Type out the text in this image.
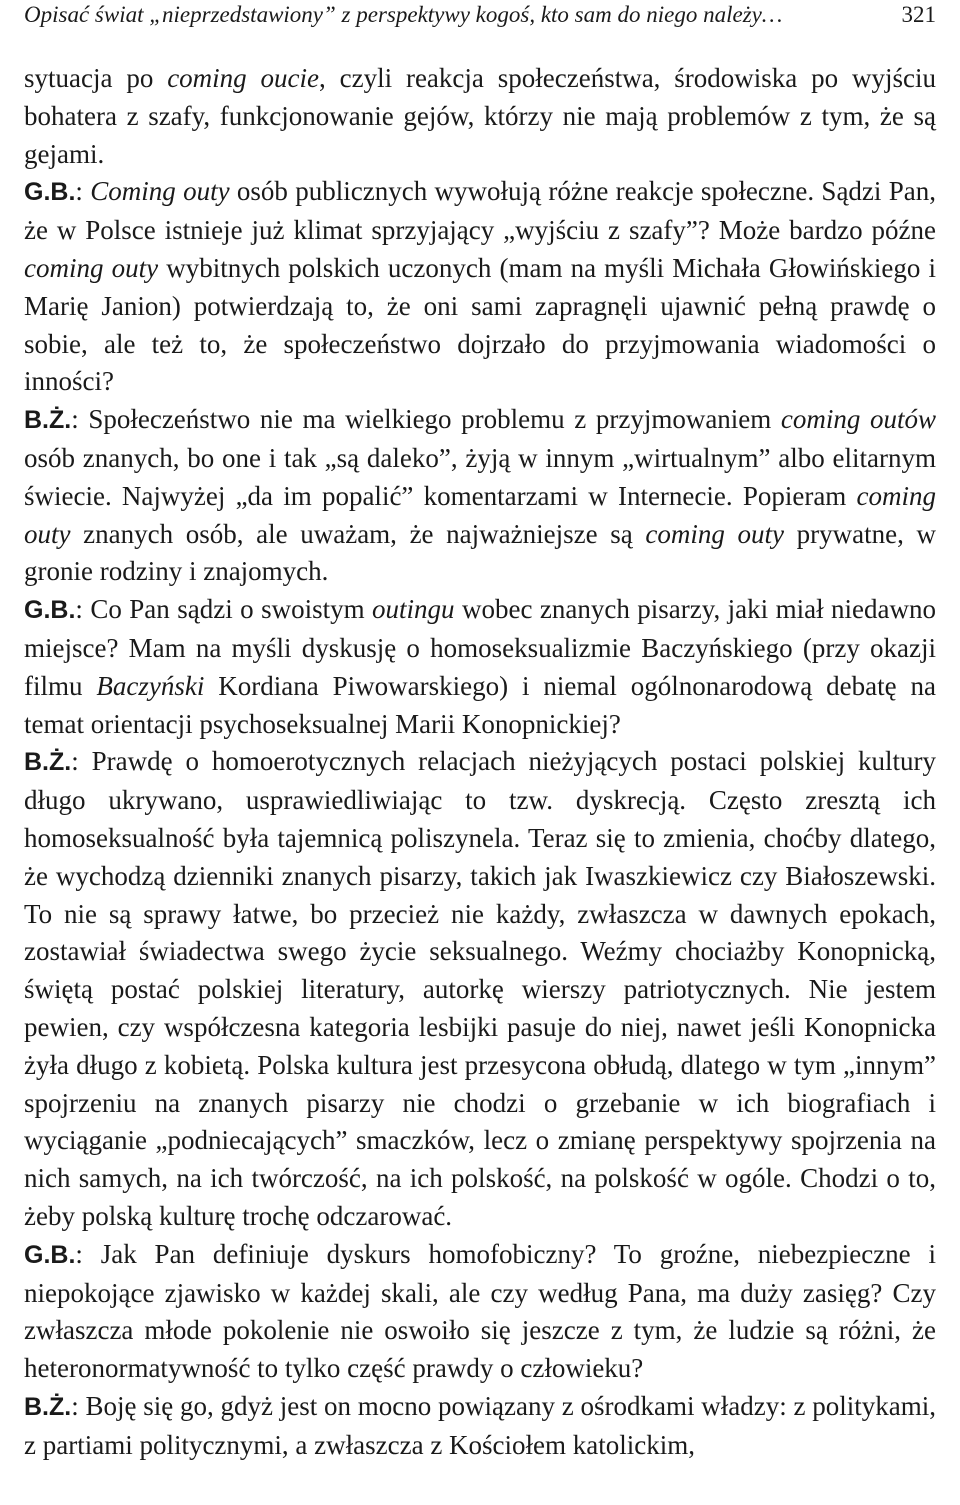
Opisać świat „nieprzedstawiony” z perspektywy kogoś, kto sam do niego należy…	321

sytuacja po coming oucie, czyli reakcja społeczeństwa, środowiska po wyjściu bohatera z szafy, funkcjonowanie gejów, którzy nie mają problemów z tym, że są gejami.

G.B.: Coming outy osób publicznych wywołują różne reakcje społeczne. Sądzi Pan, że w Polsce istnieje już klimat sprzyjający „wyjściu z szafy”? Może bardzo późne coming outy wybitnych polskich uczonych (mam na myśli Michała Głowińskiego i Marię Janion) potwierdzają to, że oni sami zapragnęli ujawnić pełną prawdę o sobie, ale też to, że społeczeństwo dojrzało do przyjmowania wiadomości o inności?

B.Ż.: Społeczeństwo nie ma wielkiego problemu z przyjmowaniem coming outów osób znanych, bo one i tak „są daleko”, żyją w innym „wirtualnym” albo elitarnym świecie. Najwyżej „da im popalić” komentarzami w Internecie. Popieram coming outy znanych osób, ale uważam, że najważniejsze są coming outy prywatne, w gronie rodziny i znajomych.

G.B.: Co Pan sądzi o swoistym outingu wobec znanych pisarzy, jaki miał niedawno miejsce? Mam na myśli dyskusję o homoseksualizmie Baczyńskiego (przy okazji filmu Baczyński Kordiana Piwowarskiego) i niemal ogólnonarodową debatę na temat orientacji psychoseksualnej Marii Konopnickiej?

B.Ż.: Prawdę o homoerotycznych relacjach nieżyjących postaci polskiej kultury długo ukrywano, usprawiedliwiając to tzw. dyskrecją. Często zresztą ich homoseksualność była tajemnicą poliszynela. Teraz się to zmienia, choćby dlatego, że wychodzą dzienniki znanych pisarzy, takich jak Iwaszkiewicz czy Białoszewski. To nie są sprawy łatwe, bo przecież nie każdy, zwłaszcza w dawnych epokach, zostawiał świadectwa swego życie seksualnego. Weźmy chociażby Konopnicką, świętą postać polskiej literatury, autorkę wierszy patriotycznych. Nie jestem pewien, czy współczesna kategoria lesbijki pasuje do niej, nawet jeśli Konopnicka żyła długo z kobietą. Polska kultura jest przesycona obłudą, dlatego w tym „innym” spojrzeniu na znanych pisarzy nie chodzi o grzebanie w ich biografiach i wyciąganie „podniecających” smaczków, lecz o zmianę perspektywy spojrzenia na nich samych, na ich twórczość, na ich polskość, na polskość w ogóle. Chodzi o to, żeby polską kulturę trochę odczarować.

G.B.: Jak Pan definiuje dyskurs homofobiczny? To groźne, niebezpieczne i niepokojące zjawisko w każdej skali, ale czy według Pana, ma duży zasięg? Czy zwłaszcza młode pokolenie nie oswoiło się jeszcze z tym, że ludzie są różni, że heteronormatywność to tylko część prawdy o człowieku?

B.Ż.: Boję się go, gdyż jest on mocno powiązany z ośrodkami władzy: z politykami, z partiami politycznymi, a zwłaszcza z Kościołem katolickim,
